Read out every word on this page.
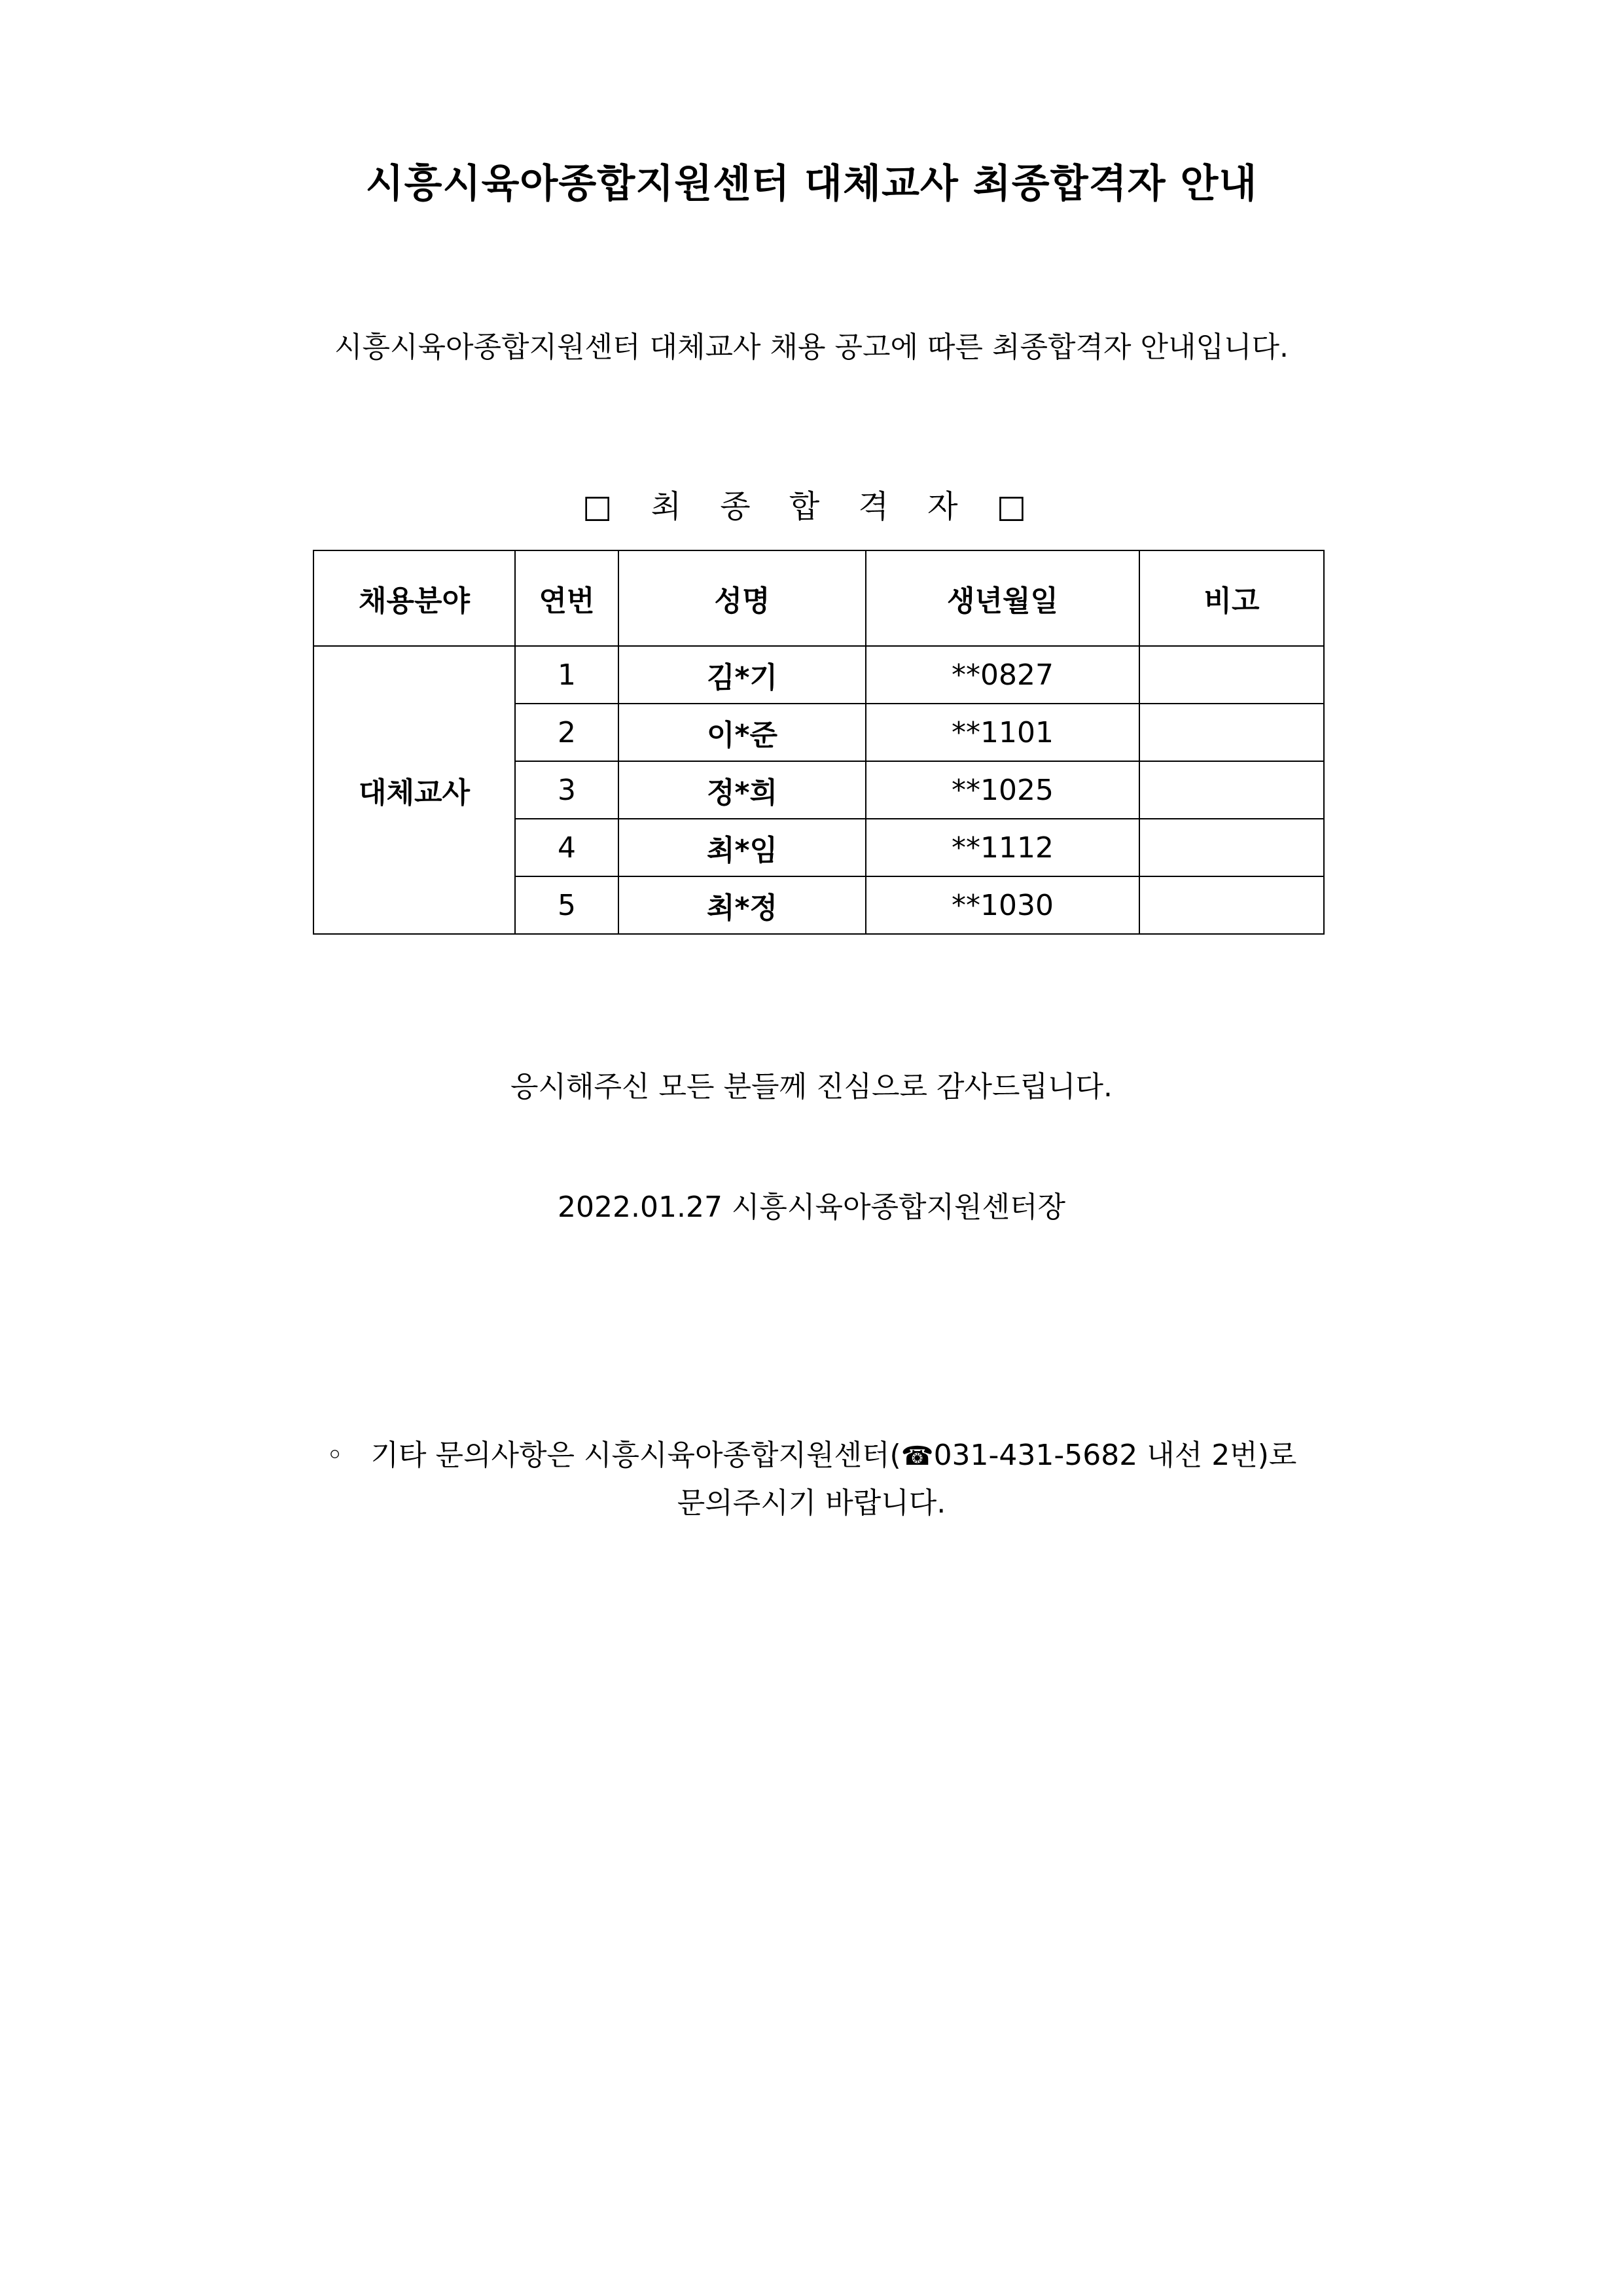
시흥시육아종합지원센터 대체교사 최종합격자 안내
시흥시육아종합지원센터 대체교사 채용 공고에 따른 최종합격자 안내입니다.
□ 최 종 합 격 자 □
채용분야	연번	성명	생년월일	비고
대체교사	1	김*기	**0827	
	2	이*준	**1101	
	3	정*희	**1025	
	4	최*임	**1112	
	5	최*정	**1030	
응시해주신 모든 분들께 진심으로 감사드립니다.
2022.01.27 시흥시육아종합지원센터장
◦ 기타 문의사항은 시흥시육아종합지원센터(☎031-431-5682 내선 2번)로
문의주시기 바랍니다.
